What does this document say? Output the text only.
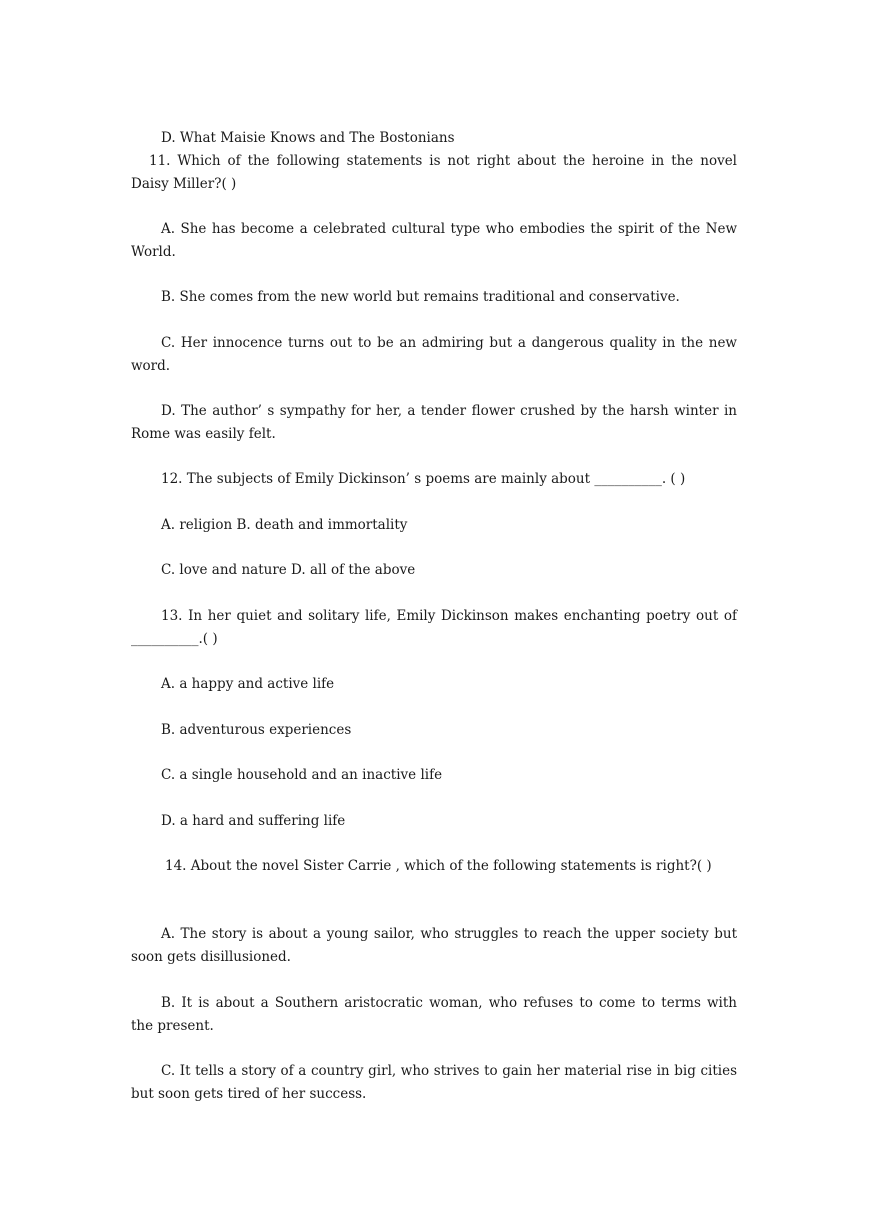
D. What Maisie Knows and The Bostonians

11. Which of the following statements is not right about the heroine in the novel Daisy Miller?( )

A. She has become a celebrated cultural type who embodies the spirit of the New World.

B. She comes from the new world but remains traditional and conservative.

C. Her innocence turns out to be an admiring but a dangerous quality in the new word.

D. The author’ s sympathy for her, a tender flower crushed by the harsh winter in Rome was easily felt.

12. The subjects of Emily Dickinson’ s poems are mainly about __________. ( )

A. religion B. death and immortality

C. love and nature D. all of the above

13. In her quiet and solitary life, Emily Dickinson makes enchanting poetry out of __________.( )

A. a happy and active life

B. adventurous experiences

C. a single household and an inactive life

D. a hard and suffering life

14. About the novel Sister Carrie , which of the following statements is right?( )

A. The story is about a young sailor, who struggles to reach the upper society but soon gets disillusioned.

B. It is about a Southern aristocratic woman, who refuses to come to terms with the present.

C. It tells a story of a country girl, who strives to gain her material rise in big cities but soon gets tired of her success.
